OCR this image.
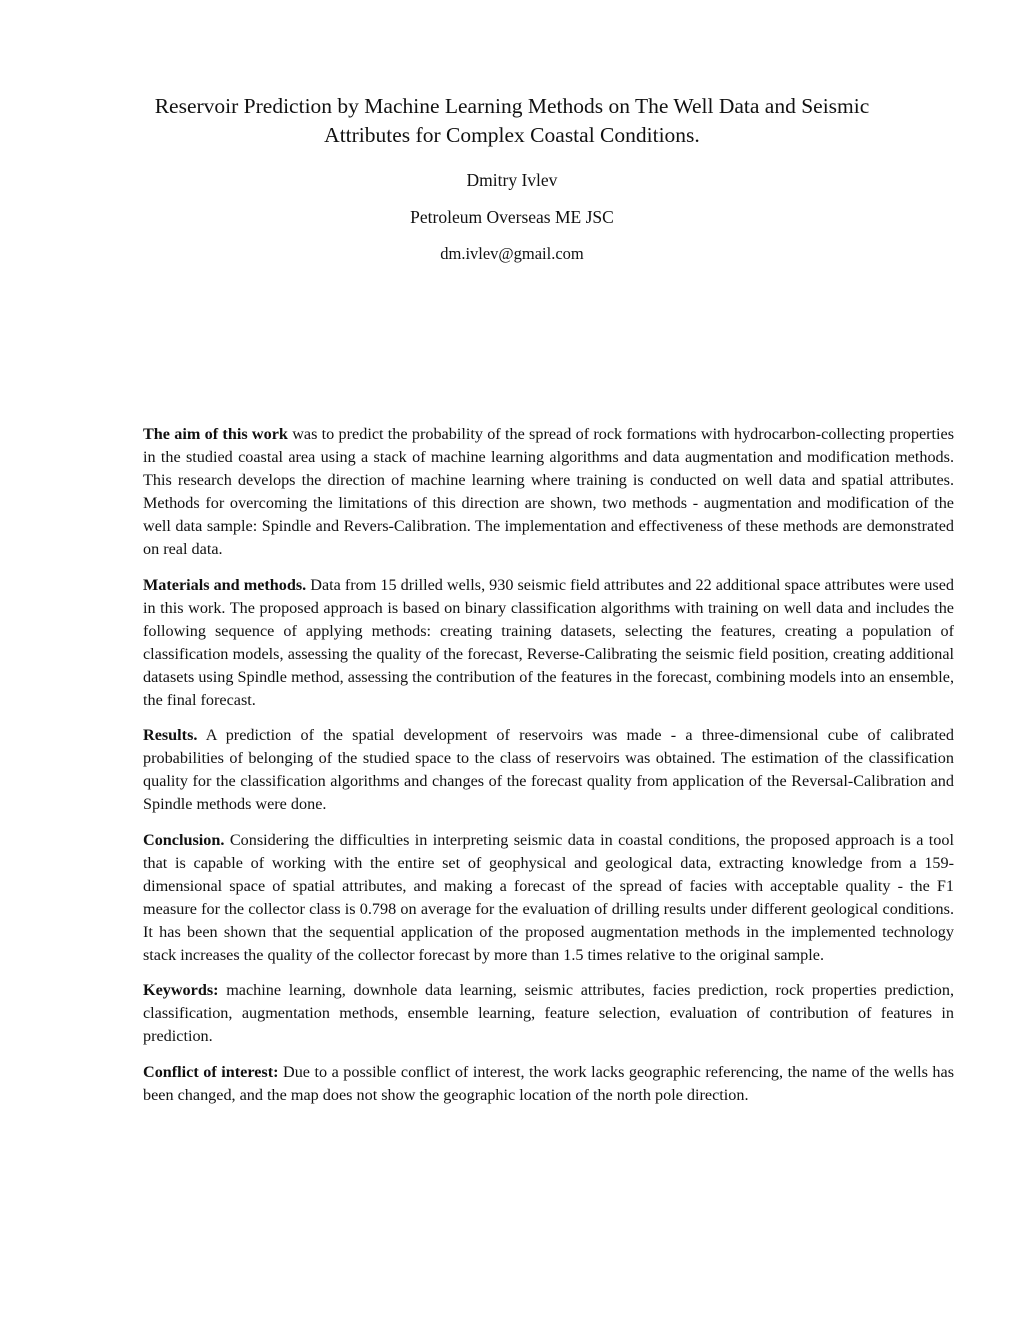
Reservoir Prediction by Machine Learning Methods on The Well Data and Seismic
Attributes for Complex Coastal Conditions.

Dmitry Ivlev

Petroleum Overseas ME JSC

dm.ivlev@gmail.com

The aim of this work was to predict the probability of the spread of rock formations with hydrocarbon-collecting properties in the studied coastal area using a stack of machine learning algorithms and data augmentation and modification methods. This research develops the direction of machine learning where training is conducted on well data and spatial attributes. Methods for overcoming the limitations of this direction are shown, two methods - augmentation and modification of the well data sample: Spindle and Revers-Calibration. The implementation and effectiveness of these methods are demonstrated on real data.

Materials and methods. Data from 15 drilled wells, 930 seismic field attributes and 22 additional space attributes were used in this work. The proposed approach is based on binary classification algorithms with training on well data and includes the following sequence of applying methods: creating training datasets, selecting the features, creating a population of classification models, assessing the quality of the forecast, Reverse-Calibrating the seismic field position, creating additional datasets using Spindle method, assessing the contribution of the features in the forecast, combining models into an ensemble, the final forecast.

Results. A prediction of the spatial development of reservoirs was made - a three-dimensional cube of calibrated probabilities of belonging of the studied space to the class of reservoirs was obtained. The estimation of the classification quality for the classification algorithms and changes of the forecast quality from application of the Reversal-Calibration and Spindle methods were done.

Conclusion. Considering the difficulties in interpreting seismic data in coastal conditions, the proposed approach is a tool that is capable of working with the entire set of geophysical and geological data, extracting knowledge from a 159-dimensional space of spatial attributes, and making a forecast of the spread of facies with acceptable quality - the F1 measure for the collector class is 0.798 on average for the evaluation of drilling results under different geological conditions. It has been shown that the sequential application of the proposed augmentation methods in the implemented technology stack increases the quality of the collector forecast by more than 1.5 times relative to the original sample.

Keywords: machine learning, downhole data learning, seismic attributes, facies prediction, rock properties prediction, classification, augmentation methods, ensemble learning, feature selection, evaluation of contribution of features in prediction.

Conflict of interest: Due to a possible conflict of interest, the work lacks geographic referencing, the name of the wells has been changed, and the map does not show the geographic location of the north pole direction.
